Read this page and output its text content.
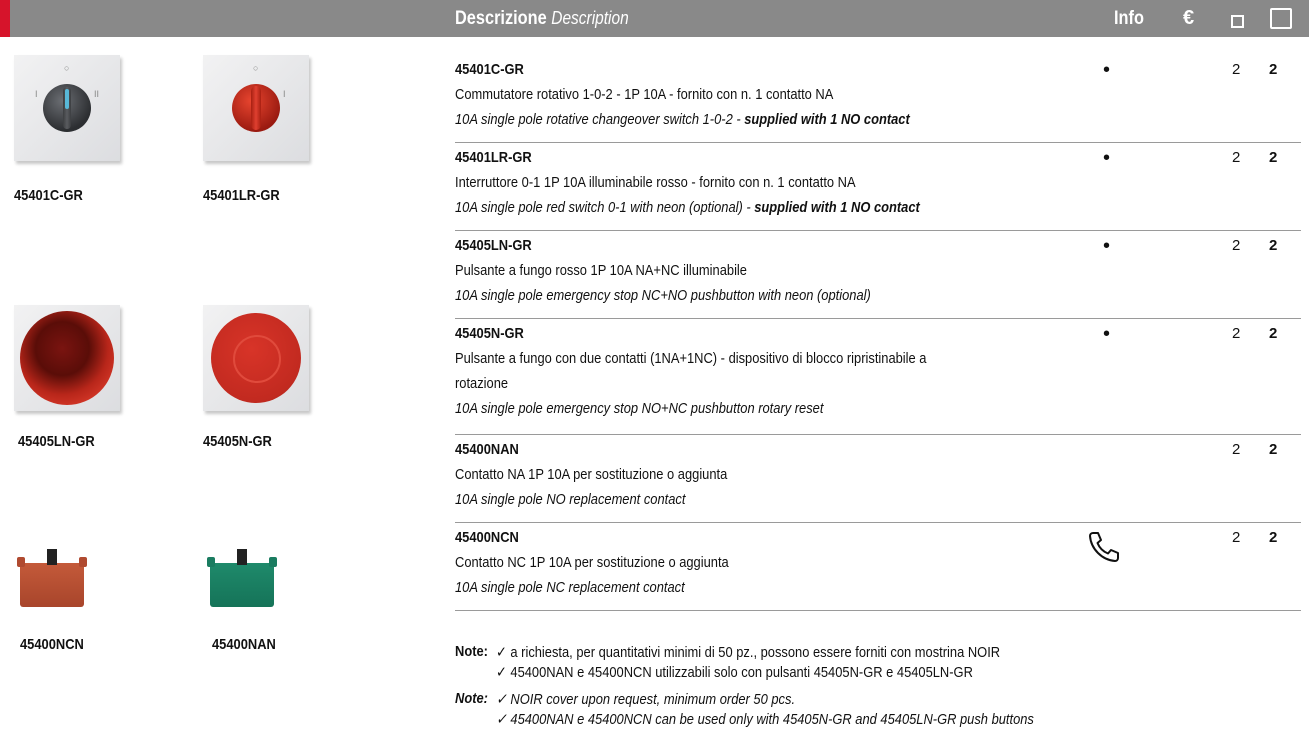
Descrizione Description	Info €
○
I	II
45401C-GR
○
I
45401LR-GR
45405LN-GR	45405N-GR
45400NCN	45400NAN
45401C-GR
Commutatore rotativo 1-0-2 - 1P 10A - fornito con n. 1 contatto NA
10A single pole rotative changeover switch 1-0-2 - supplied with 1 NO contact
•	2 2
45401LR-GR
Interruttore 0-1 1P 10A illuminabile rosso - fornito con n. 1 contatto NA
10A single pole red switch 0-1 with neon (optional) - supplied with 1 NO contact
•	2 2
45405LN-GR
Pulsante a fungo rosso 1P 10A NA+NC illuminabile
10A single pole emergency stop NC+NO pushbutton with neon (optional)
•	2 2
45405N-GR
Pulsante a fungo con due contatti (1NA+1NC) - dispositivo di blocco ripristinabile a
rotazione
10A single pole emergency stop NO+NC pushbutton rotary reset
•	2 2
45400NAN
Contatto NA 1P 10A per sostituzione o aggiunta
10A single pole NO replacement contact
2 2
45400NCN
Contatto NC 1P 10A per sostituzione o aggiunta
10A single pole NC replacement contact
2 2
Note: ✓ a richiesta, per quantitativi minimi di 50 pz., possono essere forniti con mostrina NOIR
✓ 45400NAN e 45400NCN utilizzabili solo con pulsanti 45405N-GR e 45405LN-GR
Note: ✓ NOIR cover upon request, minimum order 50 pcs.
✓ 45400NAN e 45400NCN can be used only with 45405N-GR and 45405LN-GR push buttons
